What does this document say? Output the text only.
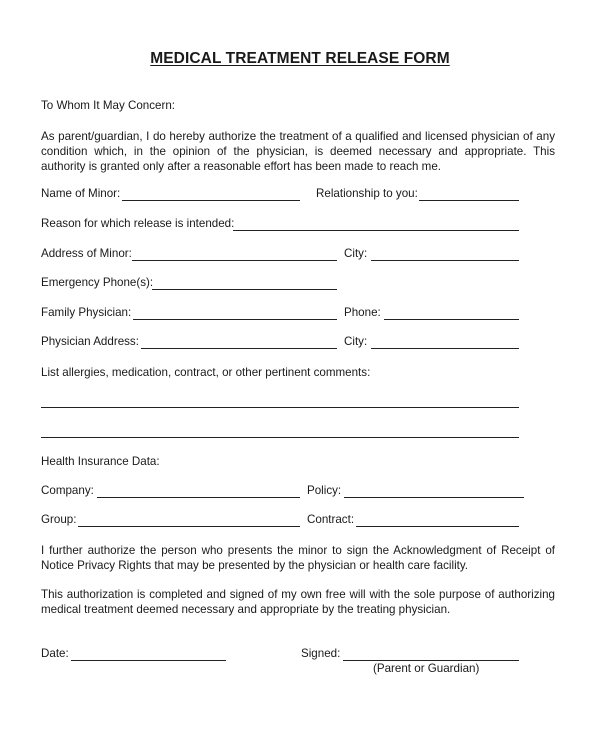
MEDICAL TREATMENT RELEASE FORM
To Whom It May Concern:
As parent/guardian, I do hereby authorize the treatment of a qualified and licensed physician of any condition which, in the opinion of the physician, is deemed necessary and appropriate. This authority is granted only after a reasonable effort has been made to reach me.
Name of Minor:	Relationship to you:
Reason for which release is intended:
Address of Minor:	City:
Emergency Phone(s):
Family Physician:	Phone:
Physician Address:	City:
List allergies, medication, contract, or other pertinent comments:
Health Insurance Data:
Company:	Policy:
Group:	Contract:
I further authorize the person who presents the minor to sign the Acknowledgment of Receipt of Notice Privacy Rights that may be presented by the physician or health care facility.
This authorization is completed and signed of my own free will with the sole purpose of authorizing medical treatment deemed necessary and appropriate by the treating physician.
Date:	Signed:
(Parent or Guardian)
